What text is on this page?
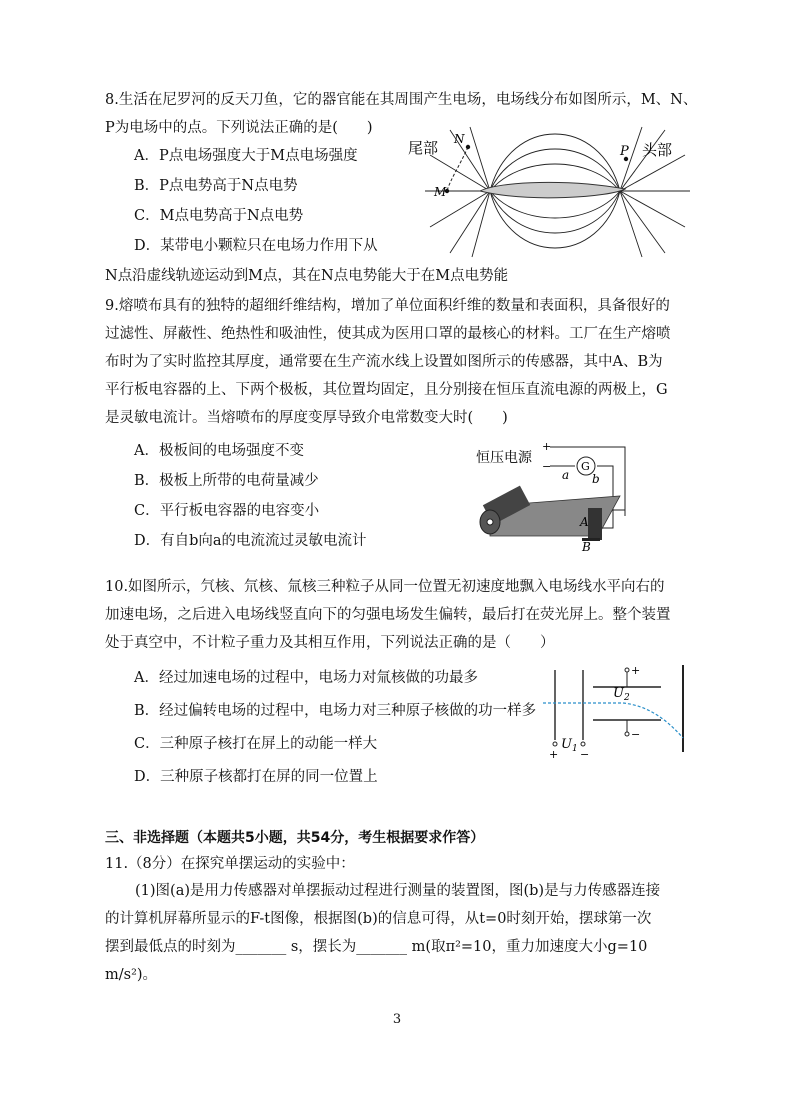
8.生活在尼罗河的反天刀鱼，它的器官能在其周围产生电场，电场线分布如图所示，M、N、

P为电场中的点。下列说法正确的是(　　)

A．P点电场强度大于M点电场强度
B．P点电势高于N点电势
C．M点电势高于N点电势
D．某带电小颗粒只在电场力作用下从
N点沿虚线轨迹运动到M点，其在N点电势能大于在M点电势能
尾部	头部
N
P
M

9.熔喷布具有的独特的超细纤维结构，增加了单位面积纤维的数量和表面积，具备很好的

过滤性、屏蔽性、绝热性和吸油性，使其成为医用口罩的最核心的材料。工厂在生产熔喷

布时为了实时监控其厚度，通常要在生产流水线上设置如图所示的传感器，其中A、B为

平行板电容器的上、下两个极板，其位置均固定，且分别接在恒压直流电源的两极上，G

是灵敏电流计。当熔喷布的厚度变厚导致介电常数变大时(　　)

A．极板间的电场强度不变
B．极板上所带的电荷量减少
C．平行板电容器的电容变小
D．有自b向a的电流流过灵敏电流计
恒压电源
+
−	G
a b
A
B

10.如图所示，氕核、氘核、氚核三种粒子从同一位置无初速度地飘入电场线水平向右的

加速电场，之后进入电场线竖直向下的匀强电场发生偏转，最后打在荧光屏上。整个装置

处于真空中，不计粒子重力及其相互作用，下列说法正确的是（　　）

A．经过加速电场的过程中，电场力对氚核做的功最多
B．经过偏转电场的过程中，电场力对三种原子核做的功一样多
C．三种原子核打在屏上的动能一样大
D．三种原子核都打在屏的同一位置上
+
−
+ −
$U_2$
$U_1$
三、非选择题（本题共5小题，共54分，考生根据要求作答）
11.（8分）在探究单摆运动的实验中：

(1)图(a)是用力传感器对单摆振动过程进行测量的装置图，图(b)是与力传感器连接

的计算机屏幕所显示的F-t图像，根据图(b)的信息可得，从t=0时刻开始，摆球第一次

摆到最低点的时刻为_______ s，摆长为_______ m(取π²=10，重力加速度大小g=10

m/s²)。

3
